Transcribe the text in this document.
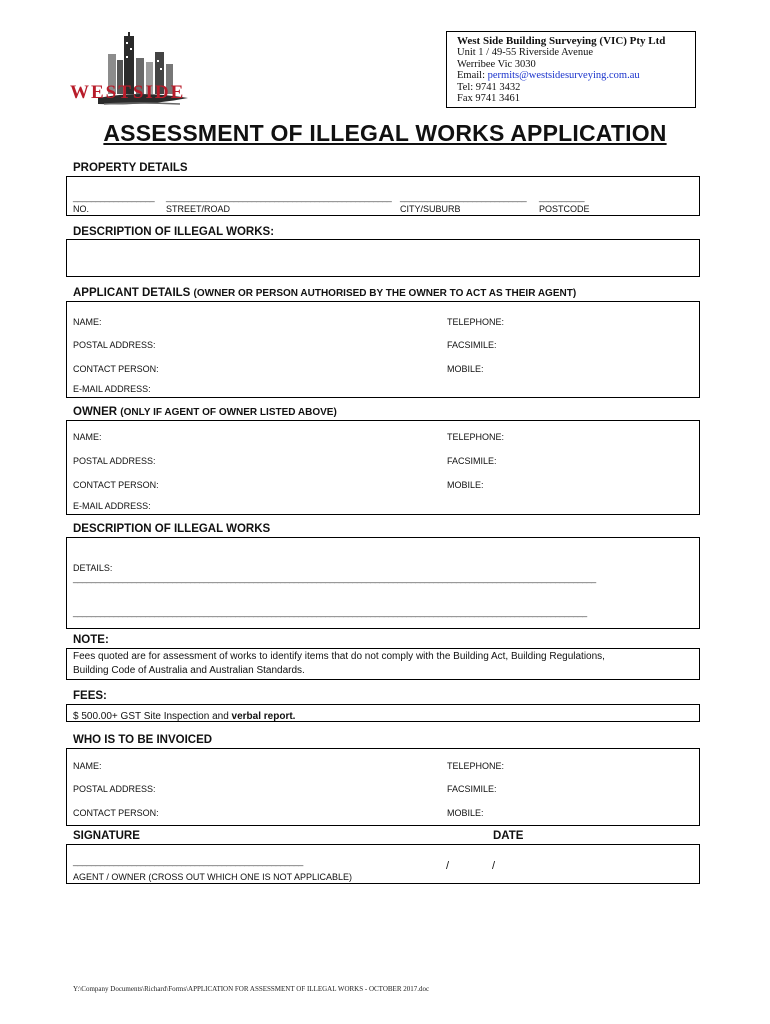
WESTSIDE
West Side Building Surveying (VIC) Pty Ltd
Unit 1 / 49-55 Riverside Avenue
Werribee Vic 3030
Email: permits@westsidesurveying.com.au
Tel: 9741 3432
Fax 9741 3461
ASSESSMENT OF ILLEGAL WORKS APPLICATION
PROPERTY DETAILS
__________________ __________________________________________________ ____________________________ __________
NO.	STREET/ROAD	CITY/SUBURB	POSTCODE
DESCRIPTION OF ILLEGAL WORKS:
APPLICANT DETAILS (OWNER OR PERSON AUTHORISED BY THE OWNER TO ACT AS THEIR AGENT)
NAME:	TELEPHONE:
POSTAL ADDRESS:	FACSIMILE:
CONTACT PERSON:	MOBILE:
E-MAIL ADDRESS:
OWNER (ONLY IF AGENT OF OWNER LISTED ABOVE)
NAME:	TELEPHONE:
POSTAL ADDRESS:	FACSIMILE:
CONTACT PERSON:	MOBILE:
E-MAIL ADDRESS:
DESCRIPTION OF ILLEGAL WORKS
DETAILS:
____________________________________________________________________________________________________________________
__________________________________________________________________________________________________________________
NOTE:
Fees quoted are for assessment of works to identify items that do not comply with the Building Act, Building Regulations,
Building Code of Australia and Australian Standards.
FEES:
$ 500.00+ GST Site Inspection and verbal report.
WHO IS TO BE INVOICED
NAME:	TELEPHONE:
POSTAL ADDRESS:	FACSIMILE:
CONTACT PERSON:	MOBILE:
SIGNATURE	DATE
___________________________________________________	/	/
AGENT / OWNER (CROSS OUT WHICH ONE IS NOT APPLICABLE)
Y:\Company Documents\Richard\Forms\APPLICATION FOR ASSESSMENT OF ILLEGAL WORKS - OCTOBER 2017.doc
